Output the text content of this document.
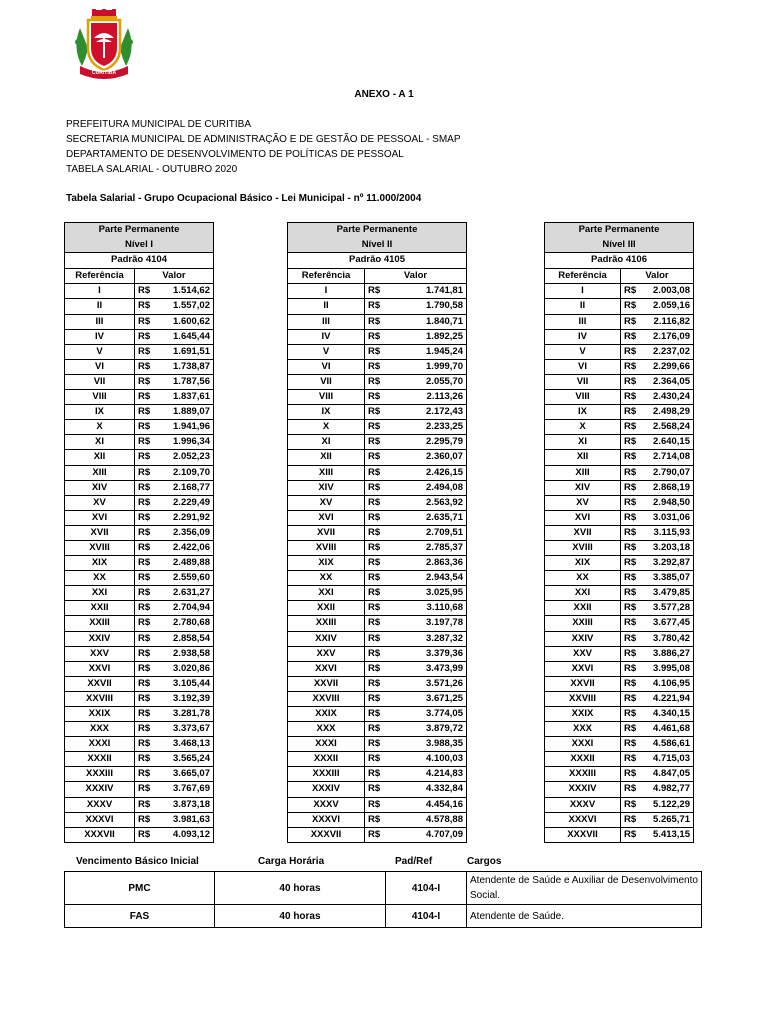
CURITIBA
ANEXO - A 1
PREFEITURA MUNICIPAL DE CURITIBA
SECRETARIA MUNICIPAL DE ADMINISTRAÇÃO E DE GESTÃO DE PESSOAL - SMAP
DEPARTAMENTO DE DESENVOLVIMENTO DE POLÍTICAS DE PESSOAL
TABELA SALARIAL - OUTUBRO 2020
Tabela Salarial - Grupo Ocupacional Básico - Lei Municipal - nº 11.000/2004
Parte Permanente		
Nível I		
Padrão 4104		
Referência	Valor	
I	R$	1.514,62
II	R$	1.557,02
III	R$	1.600,62
IV	R$	1.645,44
V	R$	1.691,51
VI	R$	1.738,87
VII	R$	1.787,56
VIII	R$	1.837,61
IX	R$	1.889,07
X	R$	1.941,96
XI	R$	1.996,34
XII	R$	2.052,23
XIII	R$	2.109,70
XIV	R$	2.168,77
XV	R$	2.229,49
XVI	R$	2.291,92
XVII	R$	2.356,09
XVIII	R$	2.422,06
XIX	R$	2.489,88
XX	R$	2.559,60
XXI	R$	2.631,27
XXII	R$	2.704,94
XXIII	R$	2.780,68
XXIV	R$	2.858,54
XXV	R$	2.938,58
XXVI	R$	3.020,86
XXVII	R$	3.105,44
XXVIII	R$	3.192,39
XXIX	R$	3.281,78
XXX	R$	3.373,67
XXXI	R$	3.468,13
XXXII	R$	3.565,24
XXXIII	R$	3.665,07
XXXIV	R$	3.767,69
XXXV	R$	3.873,18
XXXVI	R$	3.981,63
XXXVII	R$	4.093,12
Parte Permanente		
Nível II		
Padrão 4105		
Referência	Valor	
I	R$	1.741,81
II	R$	1.790,58
III	R$	1.840,71
IV	R$	1.892,25
V	R$	1.945,24
VI	R$	1.999,70
VII	R$	2.055,70
VIII	R$	2.113,26
IX	R$	2.172,43
X	R$	2.233,25
XI	R$	2.295,79
XII	R$	2.360,07
XIII	R$	2.426,15
XIV	R$	2.494,08
XV	R$	2.563,92
XVI	R$	2.635,71
XVII	R$	2.709,51
XVIII	R$	2.785,37
XIX	R$	2.863,36
XX	R$	2.943,54
XXI	R$	3.025,95
XXII	R$	3.110,68
XXIII	R$	3.197,78
XXIV	R$	3.287,32
XXV	R$	3.379,36
XXVI	R$	3.473,99
XXVII	R$	3.571,26
XXVIII	R$	3.671,25
XXIX	R$	3.774,05
XXX	R$	3.879,72
XXXI	R$	3.988,35
XXXII	R$	4.100,03
XXXIII	R$	4.214,83
XXXIV	R$	4.332,84
XXXV	R$	4.454,16
XXXVI	R$	4.578,88
XXXVII	R$	4.707,09
Parte Permanente		
Nível III		
Padrão 4106		
Referência	Valor	
I	R$	2.003,08
II	R$	2.059,16
III	R$	2.116,82
IV	R$	2.176,09
V	R$	2.237,02
VI	R$	2.299,66
VII	R$	2.364,05
VIII	R$	2.430,24
IX	R$	2.498,29
X	R$	2.568,24
XI	R$	2.640,15
XII	R$	2.714,08
XIII	R$	2.790,07
XIV	R$	2.868,19
XV	R$	2.948,50
XVI	R$	3.031,06
XVII	R$	3.115,93
XVIII	R$	3.203,18
XIX	R$	3.292,87
XX	R$	3.385,07
XXI	R$	3.479,85
XXII	R$	3.577,28
XXIII	R$	3.677,45
XXIV	R$	3.780,42
XXV	R$	3.886,27
XXVI	R$	3.995,08
XXVII	R$	4.106,95
XXVIII	R$	4.221,94
XXIX	R$	4.340,15
XXX	R$	4.461,68
XXXI	R$	4.586,61
XXXII	R$	4.715,03
XXXIII	R$	4.847,05
XXXIV	R$	4.982,77
XXXV	R$	5.122,29
XXXVI	R$	5.265,71
XXXVII	R$	5.413,15
Vencimento Básico Inicial	Carga Horária	Pad/Ref	Cargos
PMC	40 horas	4104-I	Atendente de Saúde e Auxiliar de Desenvolvimento Social.
FAS	40 horas	4104-I	Atendente de Saúde.
